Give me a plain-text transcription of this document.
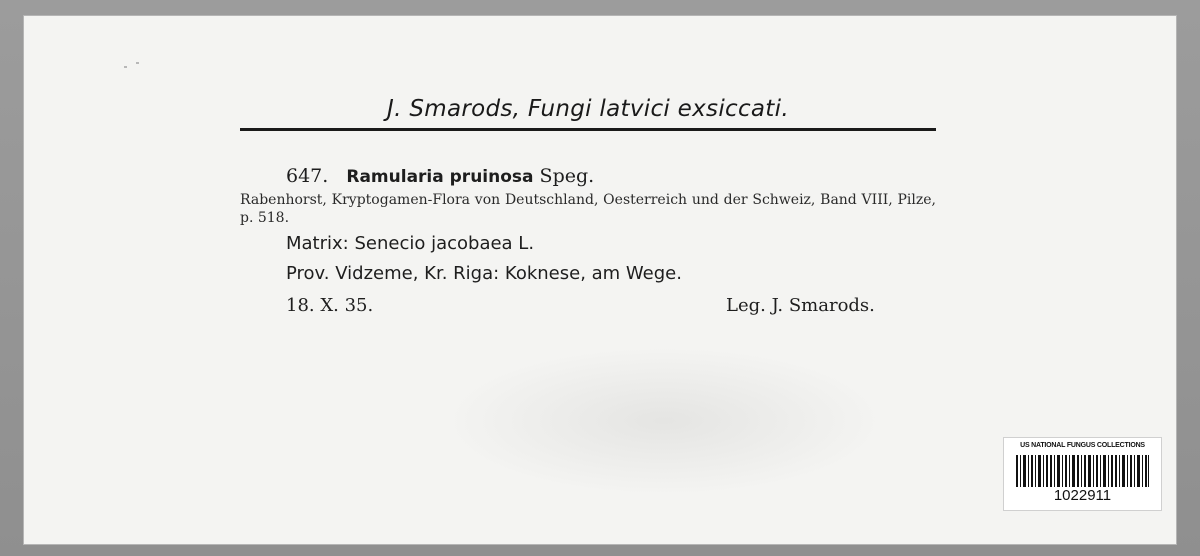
J. Smarods, Fungi latvici exsiccati.
647. Ramularia pruinosa Speg.
Rabenhorst, Kryptogamen-Flora von Deutschland, Oesterreich und der Schweiz, Band VIII, Pilze, p. 518.
Matrix: Senecio jacobaea L.
Prov. Vidzeme, Kr. Riga: Koknese, am Wege.
18. X. 35.	Leg. J. Smarods.
US NATIONAL FUNGUS COLLECTIONS
1022911
